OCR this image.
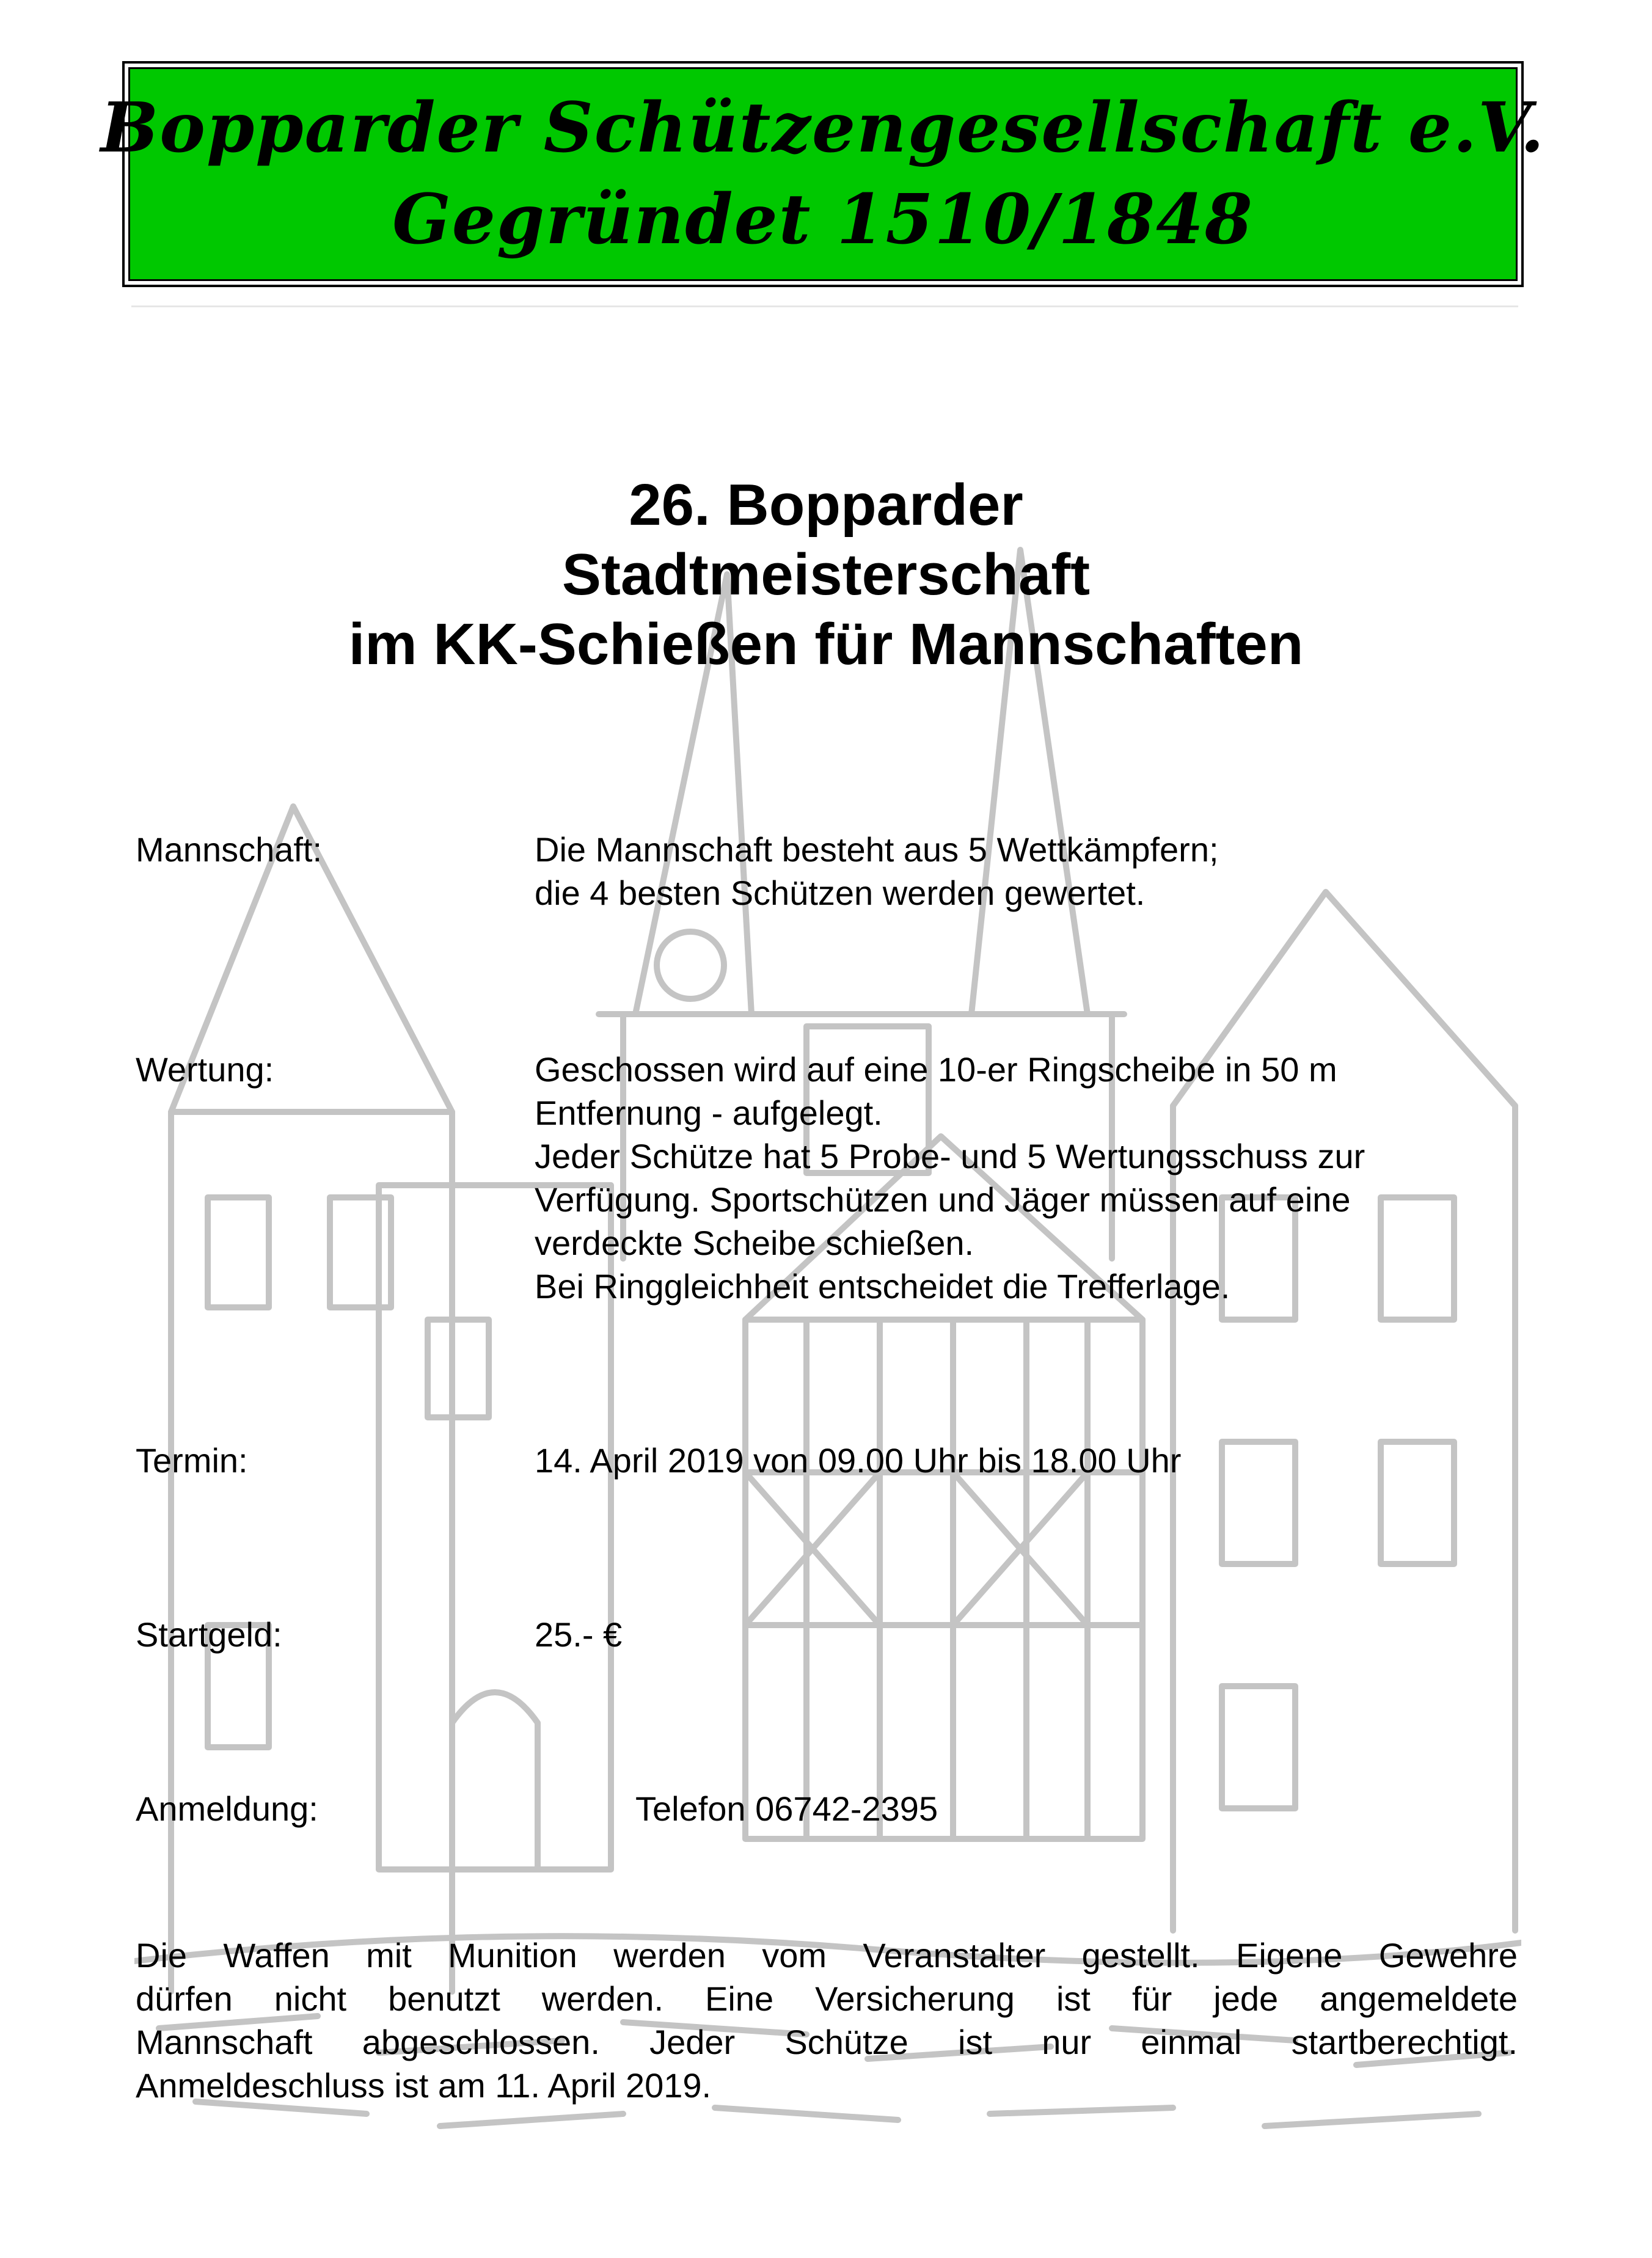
Bopparder Schützengesellschaft e.V.
Gegründet 1510/1848
26. Bopparder
Stadtmeisterschaft
im KK-Schießen für Mannschaften
Mannschaft:	Die Mannschaft besteht aus 5 Wettkämpfern;
die 4 besten Schützen werden gewertet.
Wertung:	Geschossen wird auf eine 10-er Ringscheibe in 50 m
Entfernung - aufgelegt.
Jeder Schütze hat 5 Probe- und 5 Wertungsschuss zur
Verfügung. Sportschützen und Jäger müssen auf eine
verdeckte Scheibe schießen.
Bei Ringgleichheit entscheidet die Trefferlage.
Termin:	14. April 2019 von 09.00 Uhr bis 18.00 Uhr
Startgeld:	25.- €
Anmeldung:	Telefon 06742-2395
Die Waffen mit Munition werden vom Veranstalter gestellt. Eigene Gewehre
dürfen nicht benutzt werden. Eine Versicherung ist für jede angemeldete
Mannschaft abgeschlossen. Jeder Schütze ist nur einmal startberechtigt.
Anmeldeschluss ist am 11. April 2019.
